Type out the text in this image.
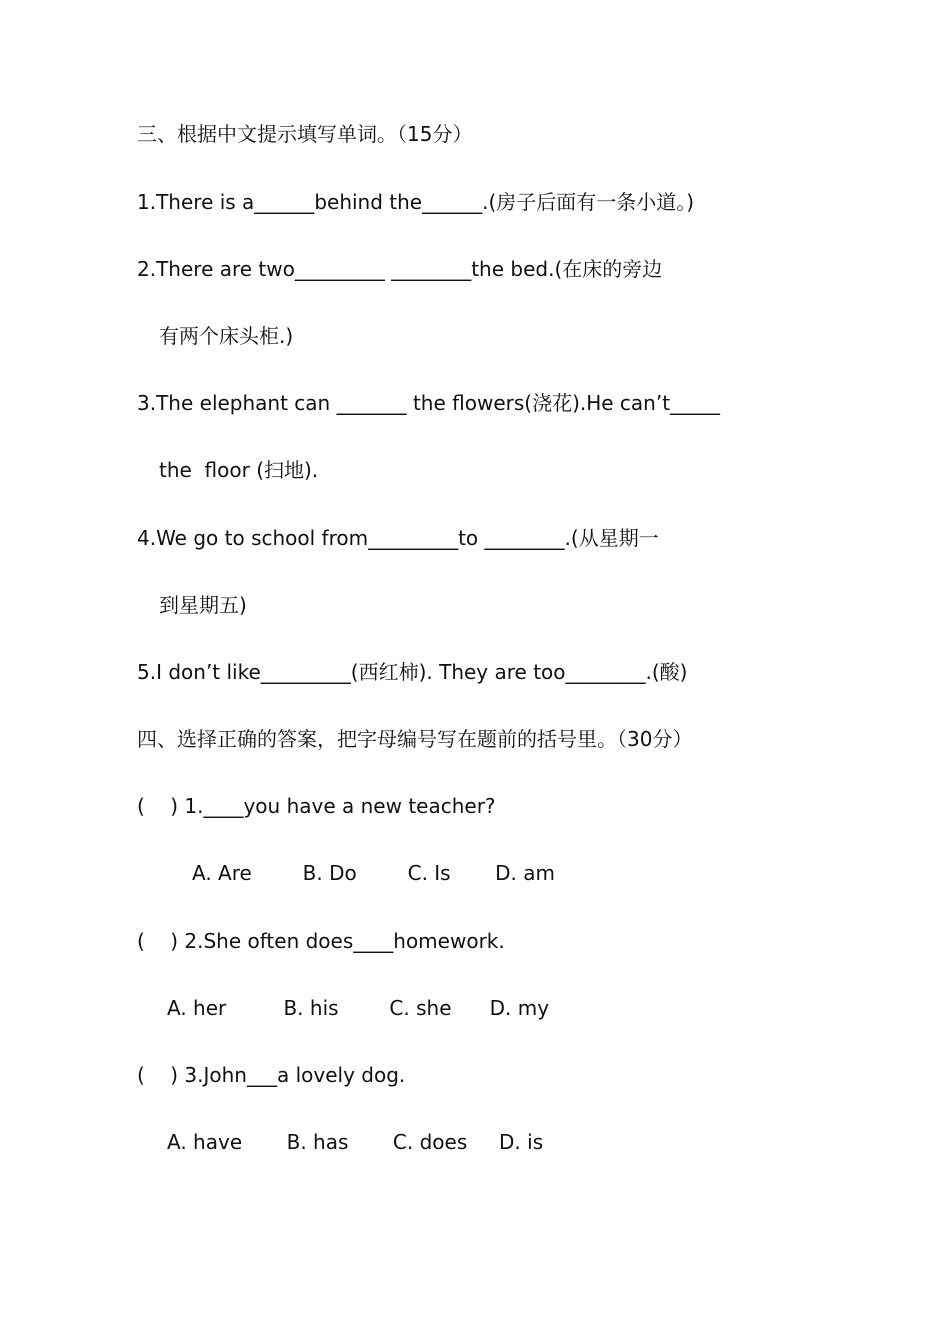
三、根据中文提示填写单词。（15分）
1.There is a______behind the______.(房子后面有一条小道。)
2.There are two_________ ________the bed.(在床的旁边
有两个床头柜.)
3.The elephant can _______ the flowers(浇花).He can’t_____
the  floor (扫地).
4.We go to school from_________to ________.(从星期一
到星期五)
5.I don’t like_________(西红柿). They are too________.(酸)
四、选择正确的答案，把字母编号写在题前的括号里。（30分）
(    ) 1.____you have a new teacher?
A. Are        B. Do        C. Is       D. am
(    ) 2.She often does____homework.
A. her         B. his        C. she      D. my
(    ) 3.John___a lovely dog.
A. have       B. has       C. does     D. is
